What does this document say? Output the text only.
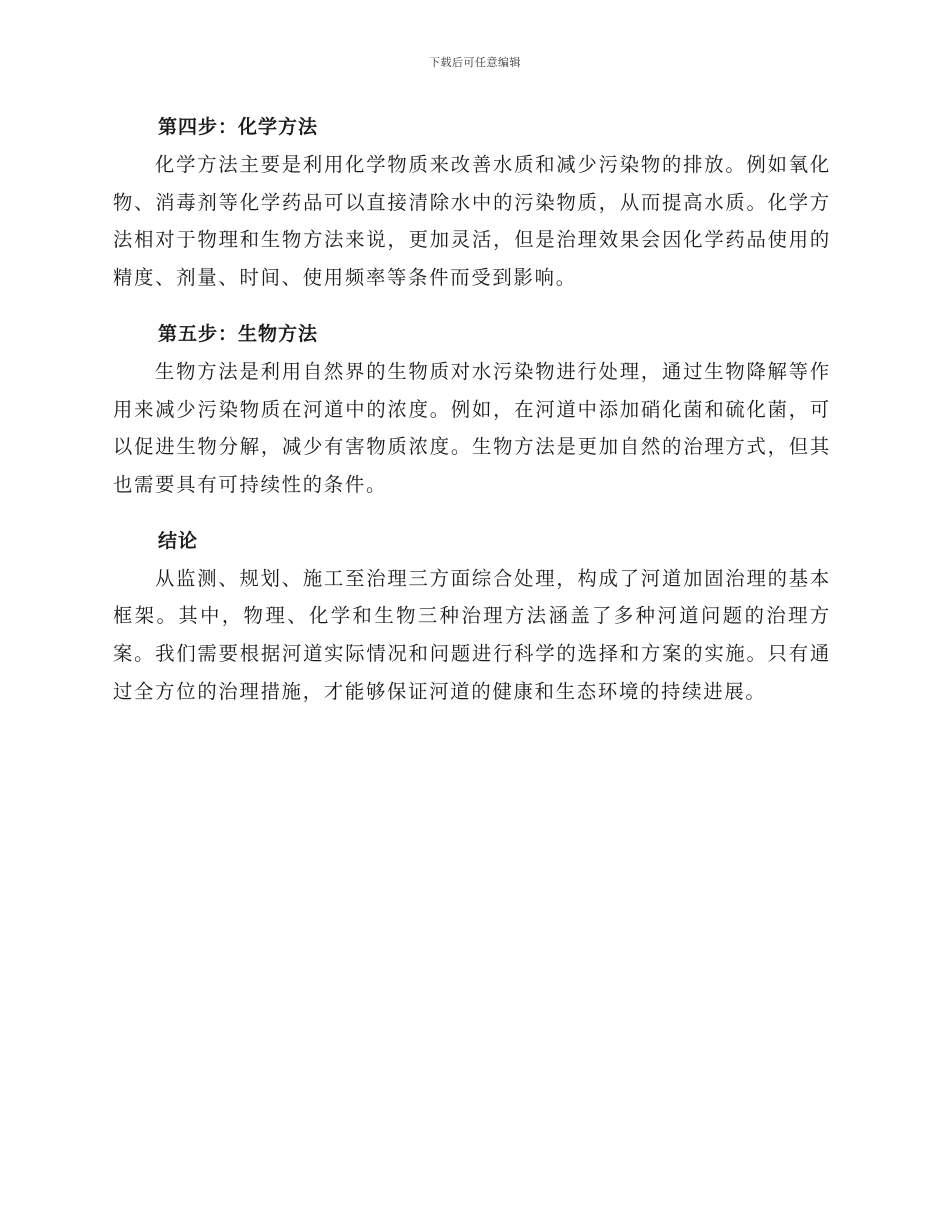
下载后可任意编辑
第四步：化学方法

化学方法主要是利用化学物质来改善水质和减少污染物的排放。例如氧化物、消毒剂等化学药品可以直接清除水中的污染物质，从而提高水质。化学方法相对于物理和生物方法来说，更加灵活，但是治理效果会因化学药品使用的精度、剂量、时间、使用频率等条件而受到影响。

第五步：生物方法

生物方法是利用自然界的生物质对水污染物进行处理，通过生物降解等作用来减少污染物质在河道中的浓度。例如，在河道中添加硝化菌和硫化菌，可以促进生物分解，减少有害物质浓度。生物方法是更加自然的治理方式，但其也需要具有可持续性的条件。

结论

从监测、规划、施工至治理三方面综合处理，构成了河道加固治理的基本框架。其中，物理、化学和生物三种治理方法涵盖了多种河道问题的治理方案。我们需要根据河道实际情况和问题进行科学的选择和方案的实施。只有通过全方位的治理措施，才能够保证河道的健康和生态环境的持续进展。
